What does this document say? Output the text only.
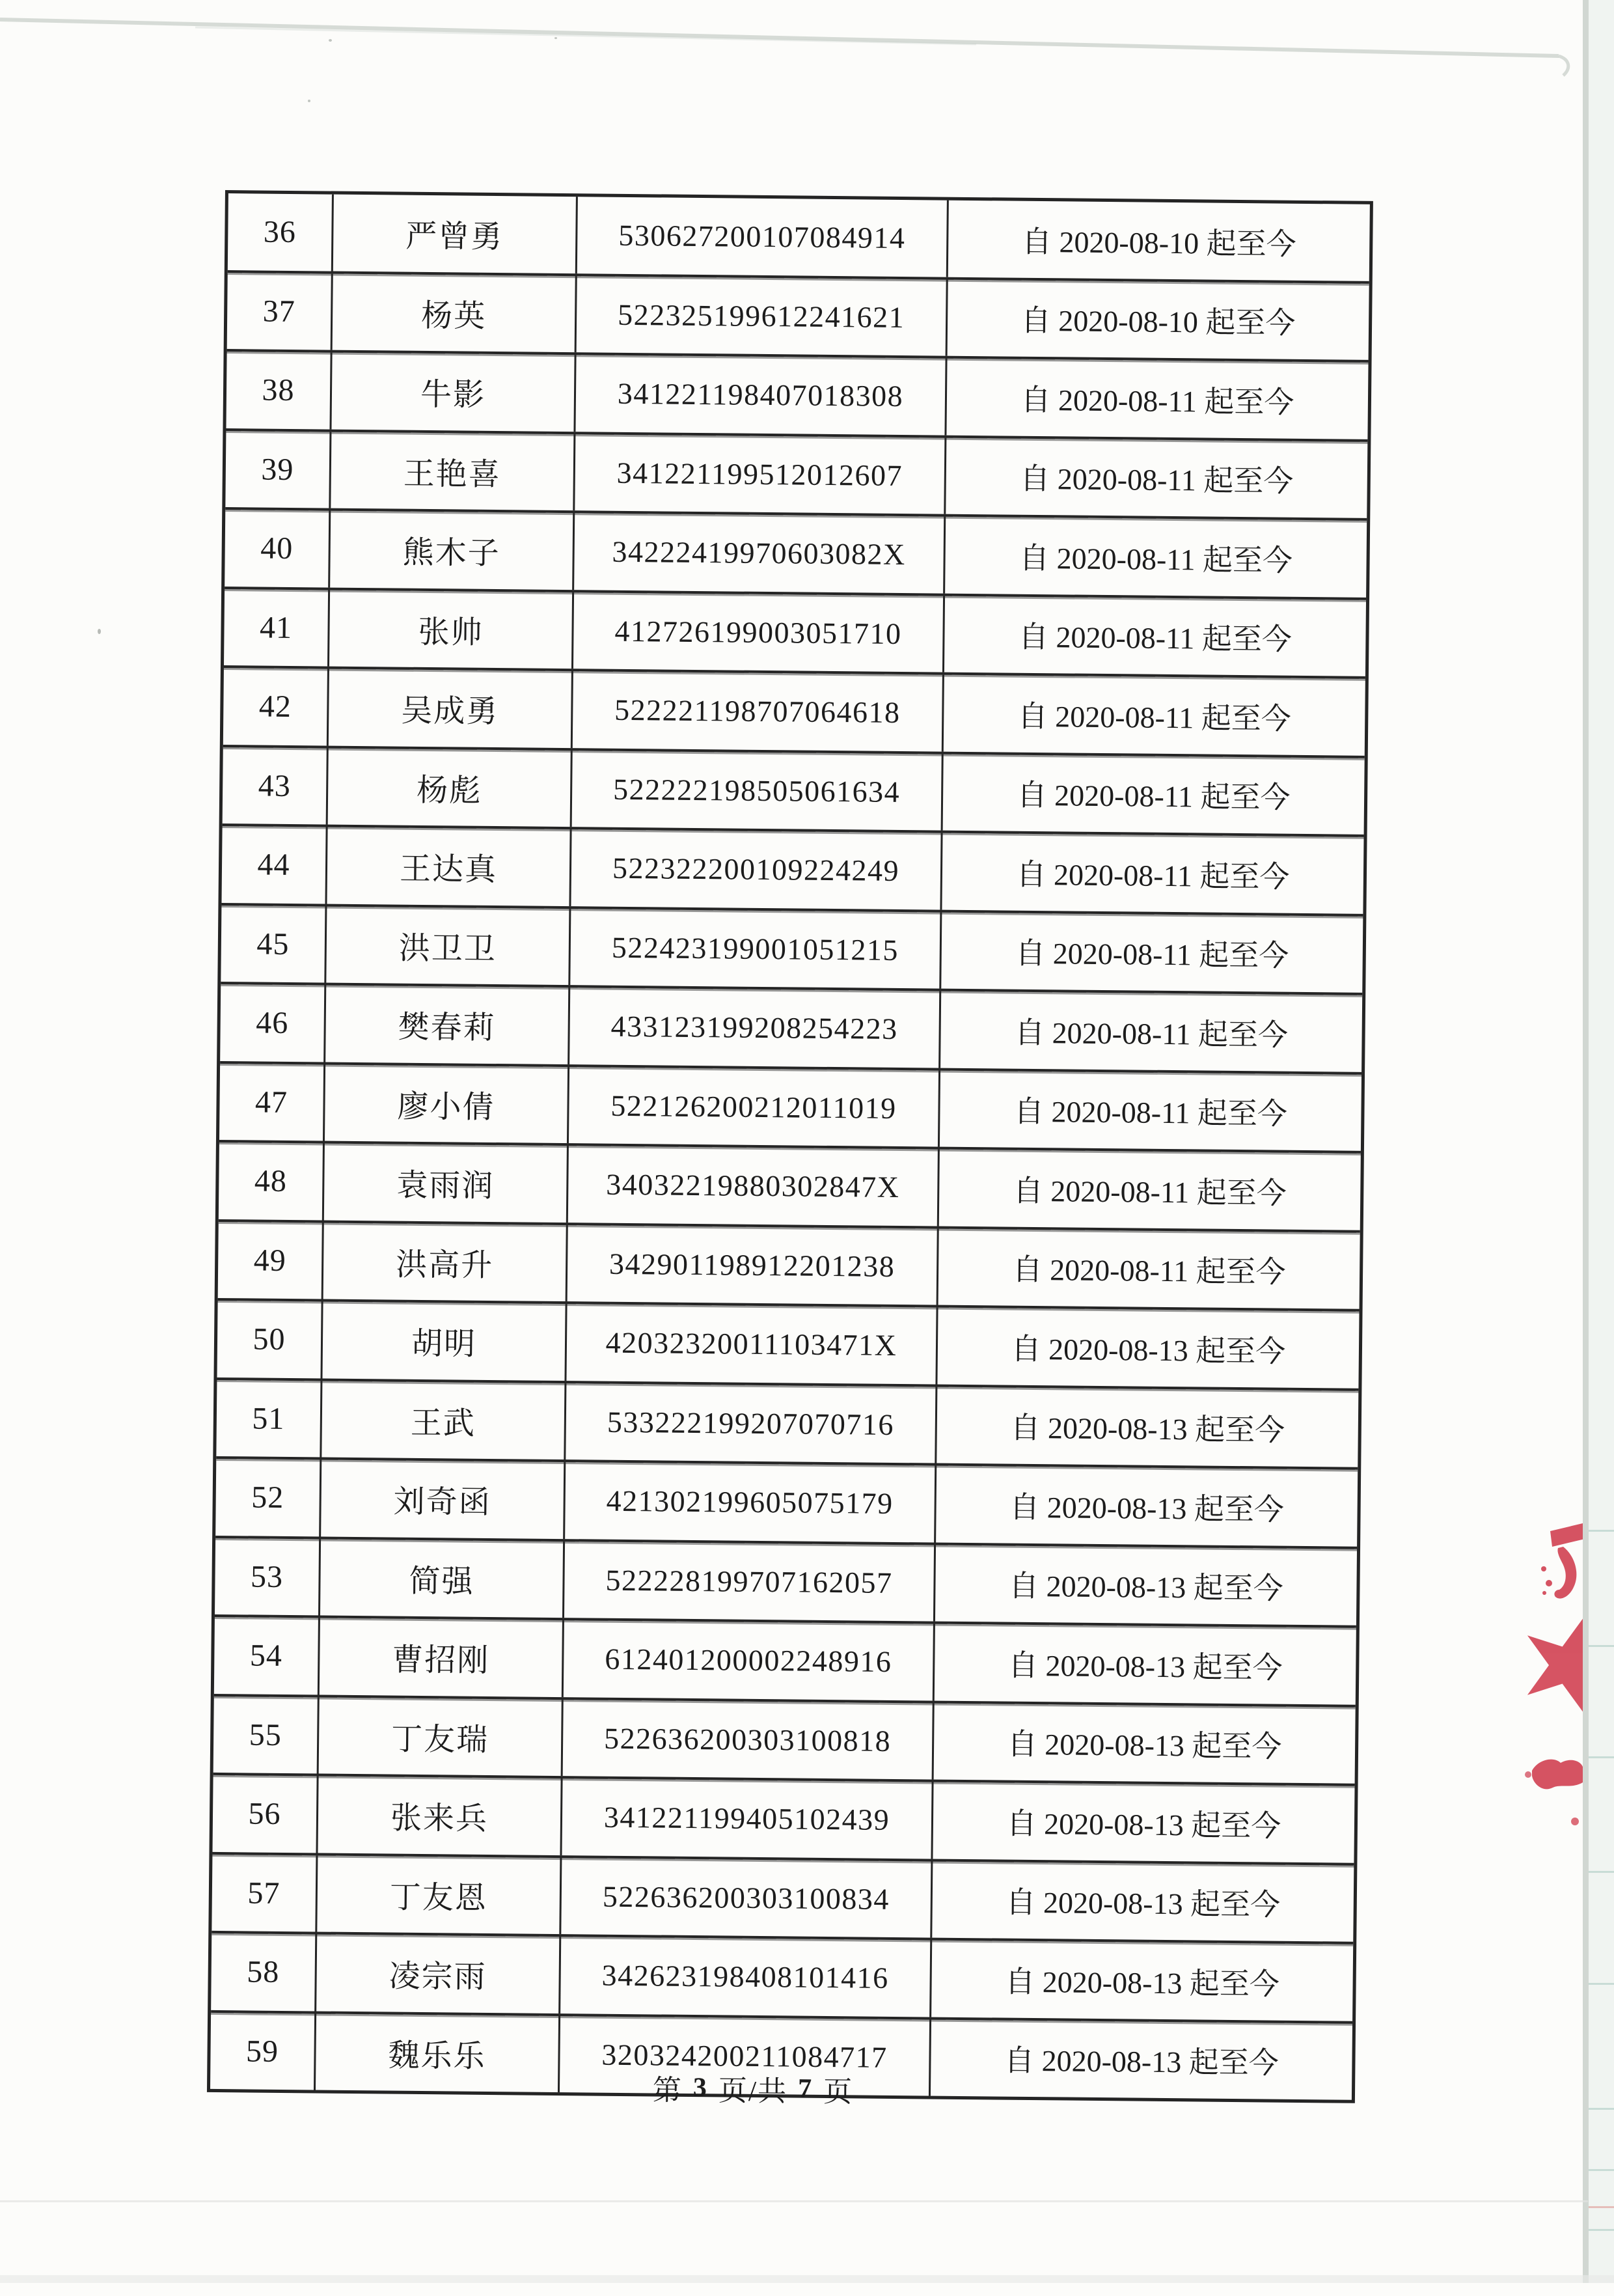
36	严曾勇	530627200107084914	自 2020-08-10 起至今
37	杨英	522325199612241621	自 2020-08-10 起至今
38	牛影	341221198407018308	自 2020-08-11 起至今
39	王艳喜	341221199512012607	自 2020-08-11 起至今
40	熊木子	34222419970603082X	自 2020-08-11 起至今
41	张帅	412726199003051710	自 2020-08-11 起至今
42	吴成勇	522221198707064618	自 2020-08-11 起至今
43	杨彪	522222198505061634	自 2020-08-11 起至今
44	王达真	522322200109224249	自 2020-08-11 起至今
45	洪卫卫	522423199001051215	自 2020-08-11 起至今
46	樊春莉	433123199208254223	自 2020-08-11 起至今
47	廖小倩	522126200212011019	自 2020-08-11 起至今
48	袁雨润	34032219880302847X	自 2020-08-11 起至今
49	洪高升	342901198912201238	自 2020-08-11 起至今
50	胡明	42032320011103471X	自 2020-08-13 起至今
51	王武	533222199207070716	自 2020-08-13 起至今
52	刘奇函	421302199605075179	自 2020-08-13 起至今
53	简强	522228199707162057	自 2020-08-13 起至今
54	曹招刚	612401200002248916	自 2020-08-13 起至今
55	丁友瑞	522636200303100818	自 2020-08-13 起至今
56	张来兵	341221199405102439	自 2020-08-13 起至今
57	丁友恩	522636200303100834	自 2020-08-13 起至今
58	凌宗雨	342623198408101416	自 2020-08-13 起至今
59	魏乐乐	320324200211084717	自 2020-08-13 起至今
第 3 页/共 7 页
